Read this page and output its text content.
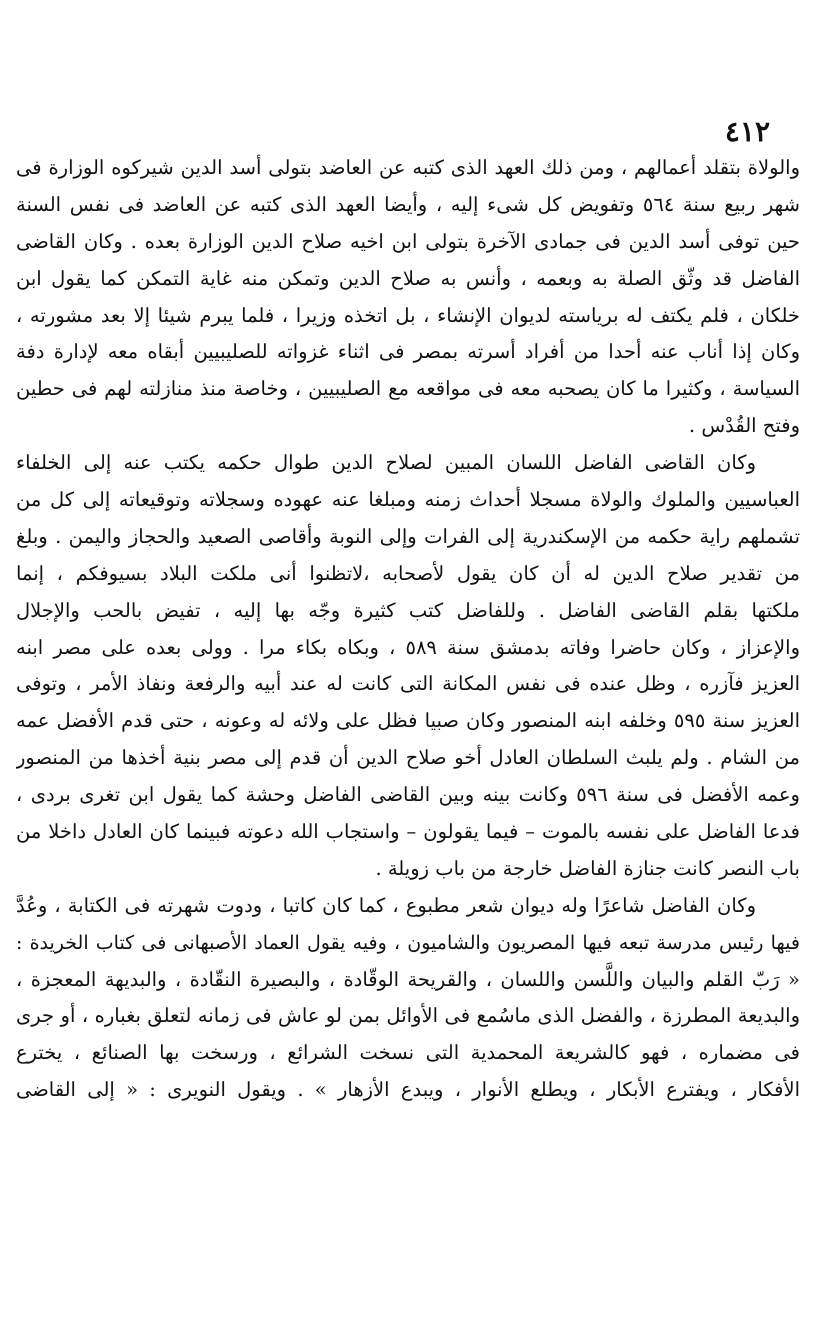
٤١٢
والولاة بتقلد أعمالهم ، ومن ذلك العهد الذى كتبه عن العاضد بتولى أسد الدين شيركوه الوزارة فى
شهر ربيع سنة ٥٦٤ وتفويض كل شىء إليه ، وأيضا العهد الذى كتبه عن العاضد فى نفس السنة
حين توفى أسد الدين فى جمادى الآخرة بتولى ابن اخيه صلاح الدين الوزارة بعده . وكان القاضى
الفاضل قد وثّق الصلة به وبعمه ، وأنس به صلاح الدين وتمكن منه غاية التمكن كما يقول ابن
خلكان ، فلم يكتف له برياسته لديوان الإنشاء ، بل اتخذه وزيرا ، فلما يبرم شيئا إلا بعد مشورته ،
وكان إذا أناب عنه أحدا من أفراد أسرته بمصر فى اثناء غزواته للصليبيين أبقاه معه لإدارة دفة
السياسة ، وكثيرا ما كان يصحبه معه فى مواقعه مع الصليبيين ، وخاصة منذ منازلته لهم فى حطين
وفتح القُدْس .
وكان القاضى الفاضل اللسان المبين لصلاح الدين طوال حكمه يكتب عنه إلى الخلفاء
العباسيين والملوك والولاة مسجلا أحداث زمنه ومبلغا عنه عهوده وسجلاته وتوقيعاته إلى كل من
تشملهم راية حكمه من الإسكندرية إلى الفرات وإلى النوبة وأقاصى الصعيد والحجاز واليمن . وبلغ
من تقدير صلاح الدين له أن كان يقول لأصحابه ،لاتظنوا أنى ملكت البلاد بسيوفكم ، إنما
ملكتها بقلم القاضى الفاضل . وللفاضل كتب كثيرة وجّه بها إليه ، تفيض بالحب والإجلال
والإعزاز ، وكان حاضرا وفاته بدمشق سنة ٥٨٩ ، وبكاه بكاء مرا . وولى بعده على مصر ابنه
العزيز فآزره ، وظل عنده فى نفس المكانة التى كانت له عند أبيه والرفعة ونفاذ الأمر ، وتوفى
العزيز سنة ٥٩٥ وخلفه ابنه المنصور وكان صبيا فظل على ولائه له وعونه ، حتى قدم الأفضل عمه
من الشام . ولم يلبث السلطان العادل أخو صلاح الدين أن قدم إلى مصر بنية أخذها من المنصور
وعمه الأفضل فى سنة ٥٩٦ وكانت بينه وبين القاضى الفاضل وحشة كما يقول ابن تغرى بردى ،
فدعا الفاضل على نفسه بالموت – فيما يقولون – واستجاب الله دعوته فبينما كان العادل داخلا من
باب النصر كانت جنازة الفاضل خارجة من باب زويلة .
وكان الفاضل شاعرًا وله ديوان شعر مطبوع ، كما كان كاتبا ، ودوت شهرته فى الكتابة ، وعُدَّ
فيها رئيس مدرسة تبعه فيها المصريون والشاميون ، وفيه يقول العماد الأصبهانى فى كتاب الخريدة :
« رَبّ القلم والبيان واللَّسن واللسان ، والقريحة الوقّادة ، والبصيرة النقّادة ، والبديهة المعجزة ،
والبديعة المطرزة ، والفضل الذى ماسُمع فى الأوائل بمن لو عاش فى زمانه لتعلق بغباره ، أو جرى
فى مضماره ، فهو كالشريعة المحمدية التى نسخت الشرائع ، ورسخت بها الصنائع ، يخترع
الأفكار ، ويفترع الأبكار ، ويطلع الأنوار ، ويبدع الأزهار » . ويقول النويرى : « إلى القاضى
